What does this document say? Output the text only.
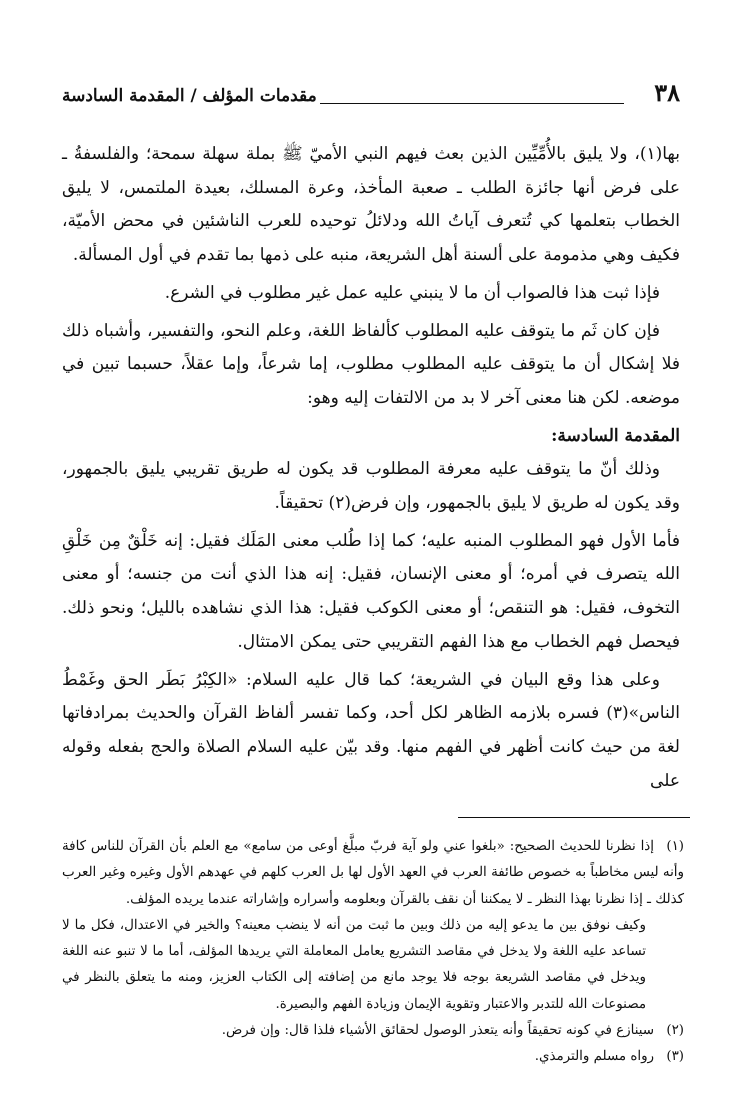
٣٨
مقدمات المؤلف / المقدمة السادسة

بها(١)، ولا يليق بالأُمِّيِّين الذين بعث فيهم النبي الأميّ ﷺ بملة سهلة سمحة؛ والفلسفةُ ـ على فرض أنها جائزة الطلب ـ صعبة المأخذ، وعرة المسلك، بعيدة الملتمس، لا يليق الخطاب بتعلمها كي تُتعرف آياتُ الله ودلائلُ توحيده للعرب الناشئين في محض الأميّة، فكيف وهي مذمومة على ألسنة أهل الشريعة، منبه على ذمها بما تقدم في أول المسألة.

فإذا ثبت هذا فالصواب أن ما لا ينبني عليه عمل غير مطلوب في الشرع.

فإن كان ثَم ما يتوقف عليه المطلوب كألفاظ اللغة، وعلم النحو، والتفسير، وأشباه ذلك فلا إشكال أن ما يتوقف عليه المطلوب مطلوب، إما شرعاً، وإما عقلاً، حسبما تبين في موضعه. لكن هنا معنى آخر لا بد من الالتفات إليه وهو:

المقدمة السادسة:

وذلك أنّ ما يتوقف عليه معرفة المطلوب قد يكون له طريق تقريبي يليق بالجمهور، وقد يكون له طريق لا يليق بالجمهور، وإن فرض(٢) تحقيقاً.

فأما الأول فهو المطلوب المنبه عليه؛ كما إذا طُلب معنى المَلَك فقيل: إنه خَلْقٌ مِن خَلْقِ الله يتصرف في أمره؛ أو معنى الإنسان، فقيل: إنه هذا الذي أنت من جنسه؛ أو معنى التخوف، فقيل: هو التنقص؛ أو معنى الكوكب فقيل: هذا الذي نشاهده بالليل؛ ونحو ذلك. فيحصل فهم الخطاب مع هذا الفهم التقريبي حتى يمكن الامتثال.

وعلى هذا وقع البيان في الشريعة؛ كما قال عليه السلام: «الكِبْرُ بَطَر الحق وغَمْطُ الناس»(٣) فسره بلازمه الظاهر لكل أحد، وكما تفسر ألفاظ القرآن والحديث بمرادفاتها لغة من حيث كانت أظهر في الفهم منها. وقد بيّن عليه السلام الصلاة والحج بفعله وقوله على

(١)إذا نظرنا للحديث الصحيح: «بلغوا عني ولو آية فربّ مبلَّغ أوعى من سامع» مع العلم بأن القرآن للناس كافة وأنه ليس مخاطباً به خصوص طائفة العرب في العهد الأول لها بل العرب كلهم في عهدهم الأول وغيره وغير العرب كذلك ـ إذا نظرنا بهذا النظر ـ لا يمكننا أن نقف بالقرآن وبعلومه وأسراره وإشاراته عندما يريده المؤلف.

وكيف نوفق بين ما يدعو إليه من ذلك وبين ما ثبت من أنه لا ينضب معينه؟ والخير في الاعتدال، فكل ما لا تساعد عليه اللغة ولا يدخل في مقاصد التشريع يعامل المعاملة التي يريدها المؤلف، أما ما لا تنبو عنه اللغة ويدخل في مقاصد الشريعة بوجه فلا يوجد مانع من إضافته إلى الكتاب العزيز، ومنه ما يتعلق بالنظر في مصنوعات الله للتدبر والاعتبار وتقوية الإيمان وزيادة الفهم والبصيرة.

(٢)سينازع في كونه تحقيقاً وأنه يتعذر الوصول لحقائق الأشياء فلذا قال: وإن فرض.

(٣)رواه مسلم والترمذي.
